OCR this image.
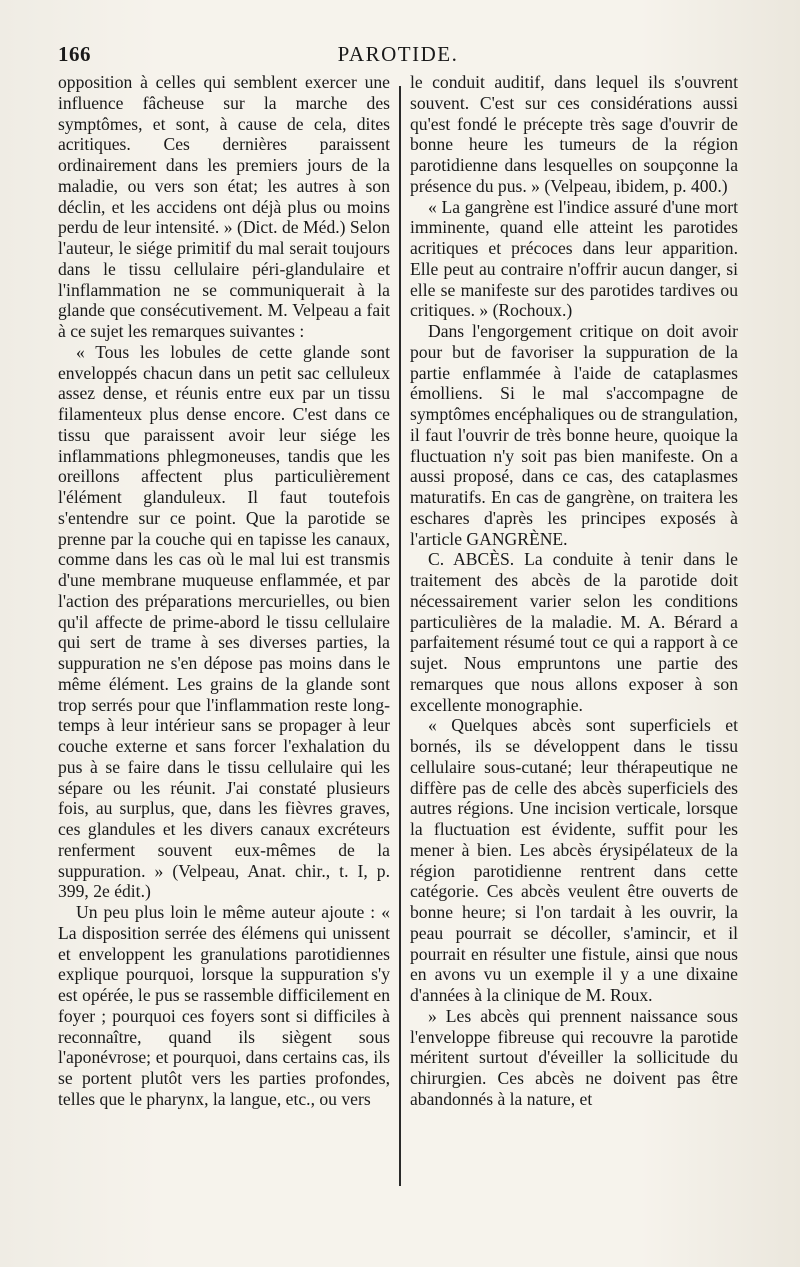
166	PAROTIDE.

opposition à celles qui semblent exercer une influence fâcheuse sur la marche des symptômes, et sont, à cause de cela, dites acritiques. Ces dernières paraissent ordinairement dans les premiers jours de la maladie, ou vers son état; les autres à son déclin, et les accidens ont déjà plus ou moins perdu de leur intensité. » (Dict. de Méd.) Selon l'auteur, le siége primitif du mal serait toujours dans le tissu cellulaire péri-glandulaire et l'inflammation ne se communiquerait à la glande que consécutivement. M. Velpeau a fait à ce sujet les remarques suivantes :

« Tous les lobules de cette glande sont enveloppés chacun dans un petit sac celluleux assez dense, et réunis entre eux par un tissu filamenteux plus dense encore. C'est dans ce tissu que paraissent avoir leur siége les inflammations phlegmoneuses, tandis que les oreillons affectent plus particulièrement l'élément glanduleux. Il faut toutefois s'entendre sur ce point. Que la parotide se prenne par la couche qui en tapisse les canaux, comme dans les cas où le mal lui est transmis d'une membrane muqueuse enflammée, et par l'action des préparations mercurielles, ou bien qu'il affecte de prime-abord le tissu cellulaire qui sert de trame à ses diverses parties, la suppuration ne s'en dépose pas moins dans le même élément. Les grains de la glande sont trop serrés pour que l'inflammation reste long-temps à leur intérieur sans se propager à leur couche externe et sans forcer l'exhalation du pus à se faire dans le tissu cellulaire qui les sépare ou les réunit. J'ai constaté plusieurs fois, au surplus, que, dans les fièvres graves, ces glandules et les divers canaux excréteurs renferment souvent eux-mêmes de la suppuration. » (Velpeau, Anat. chir., t. I, p. 399, 2e édit.)

Un peu plus loin le même auteur ajoute : « La disposition serrée des élémens qui unissent et enveloppent les granulations parotidiennes explique pourquoi, lorsque la suppuration s'y est opérée, le pus se rassemble difficilement en foyer ; pourquoi ces foyers sont si difficiles à reconnaître, quand ils siègent sous l'aponévrose; et pourquoi, dans certains cas, ils se portent plutôt vers les parties profondes, telles que le pharynx, la langue, etc., ou vers

le conduit auditif, dans lequel ils s'ouvrent souvent. C'est sur ces considérations aussi qu'est fondé le précepte très sage d'ouvrir de bonne heure les tumeurs de la région parotidienne dans lesquelles on soupçonne la présence du pus. » (Velpeau, ibidem, p. 400.)

« La gangrène est l'indice assuré d'une mort imminente, quand elle atteint les parotides acritiques et précoces dans leur apparition. Elle peut au contraire n'offrir aucun danger, si elle se manifeste sur des parotides tardives ou critiques. » (Rochoux.)

Dans l'engorgement critique on doit avoir pour but de favoriser la suppuration de la partie enflammée à l'aide de cataplasmes émolliens. Si le mal s'accompagne de symptômes encéphaliques ou de strangulation, il faut l'ouvrir de très bonne heure, quoique la fluctuation n'y soit pas bien manifeste. On a aussi proposé, dans ce cas, des cataplasmes maturatifs. En cas de gangrène, on traitera les eschares d'après les principes exposés à l'article GANGRÈNE.

C. ABCÈS. La conduite à tenir dans le traitement des abcès de la parotide doit nécessairement varier selon les conditions particulières de la maladie. M. A. Bérard a parfaitement résumé tout ce qui a rapport à ce sujet. Nous empruntons une partie des remarques que nous allons exposer à son excellente monographie.

« Quelques abcès sont superficiels et bornés, ils se développent dans le tissu cellulaire sous-cutané; leur thérapeutique ne diffère pas de celle des abcès superficiels des autres régions. Une incision verticale, lorsque la fluctuation est évidente, suffit pour les mener à bien. Les abcès érysipélateux de la région parotidienne rentrent dans cette catégorie. Ces abcès veulent être ouverts de bonne heure; si l'on tardait à les ouvrir, la peau pourrait se décoller, s'amincir, et il pourrait en résulter une fistule, ainsi que nous en avons vu un exemple il y a une dixaine d'années à la clinique de M. Roux.

» Les abcès qui prennent naissance sous l'enveloppe fibreuse qui recouvre la parotide méritent surtout d'éveiller la sollicitude du chirurgien. Ces abcès ne doivent pas être abandonnés à la nature, et
